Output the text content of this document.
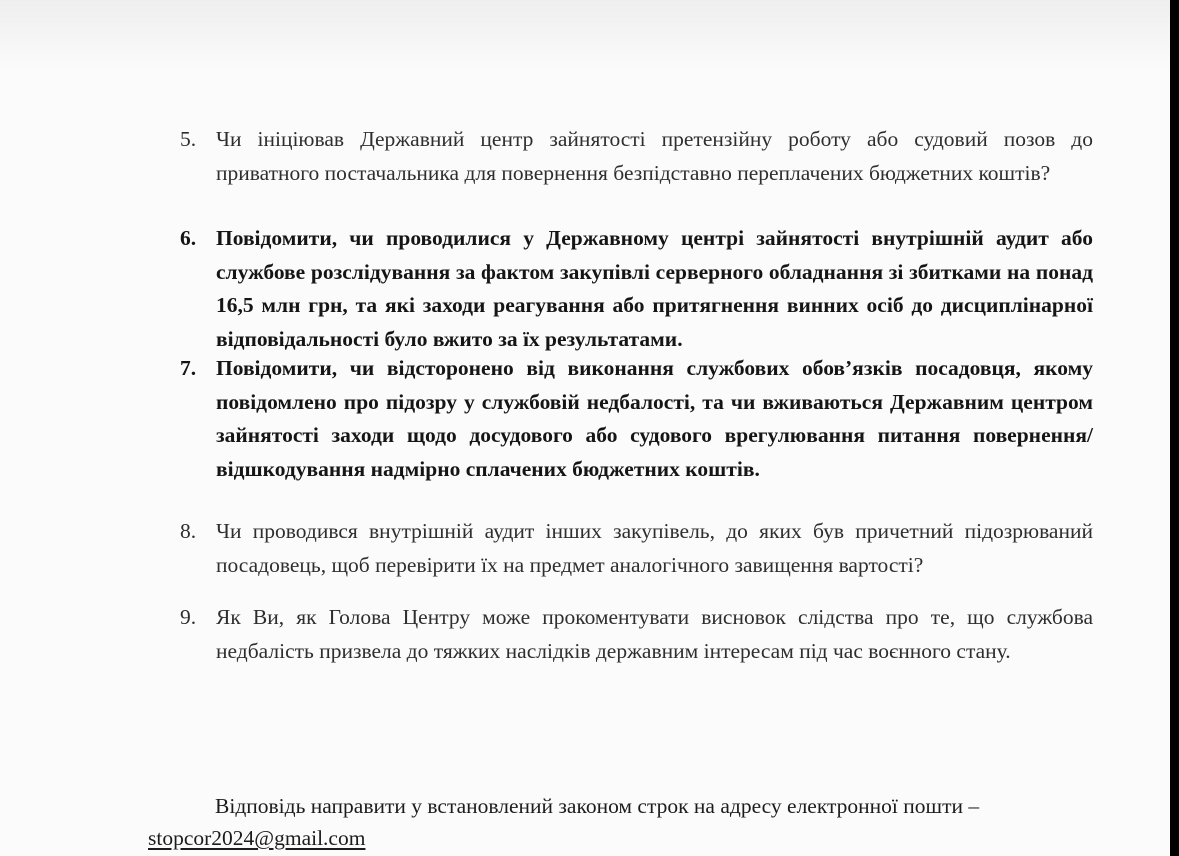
5. Чи ініціював Державний центр зайнятості претензійну роботу або судовий позов до приватного постачальника для повернення безпідставно переплачених бюджетних коштів?
6. Повідомити, чи проводилися у Державному центрі зайнятості внутрішній аудит або службове розслідування за фактом закупівлі серверного обладнання зі збитками на понад 16,5 млн грн, та які заходи реагування або притягнення винних осіб до дисциплінарної відповідальності було вжито за їх результатами.
7. Повідомити, чи відсторонено від виконання службових обов’язків посадовця, якому повідомлено про підозру у службовій недбалості, та чи вживаються Державним центром зайнятості заходи щодо досудового або судового врегулювання питання повернення/відшкодування надмірно сплачених бюджетних коштів.
8. Чи проводився внутрішній аудит інших закупівель, до яких був причетний підозрюваний посадовець, щоб перевірити їх на предмет аналогічного завищення вартості?
9. Як Ви, як Голова Центру може прокоментувати висновок слідства про те, що службова недбалість призвела до тяжких наслідків державним інтересам під час воєнного стану.
Відповідь направити у встановлений законом строк на адресу електронної пошти –
stopcor2024@gmail.com
